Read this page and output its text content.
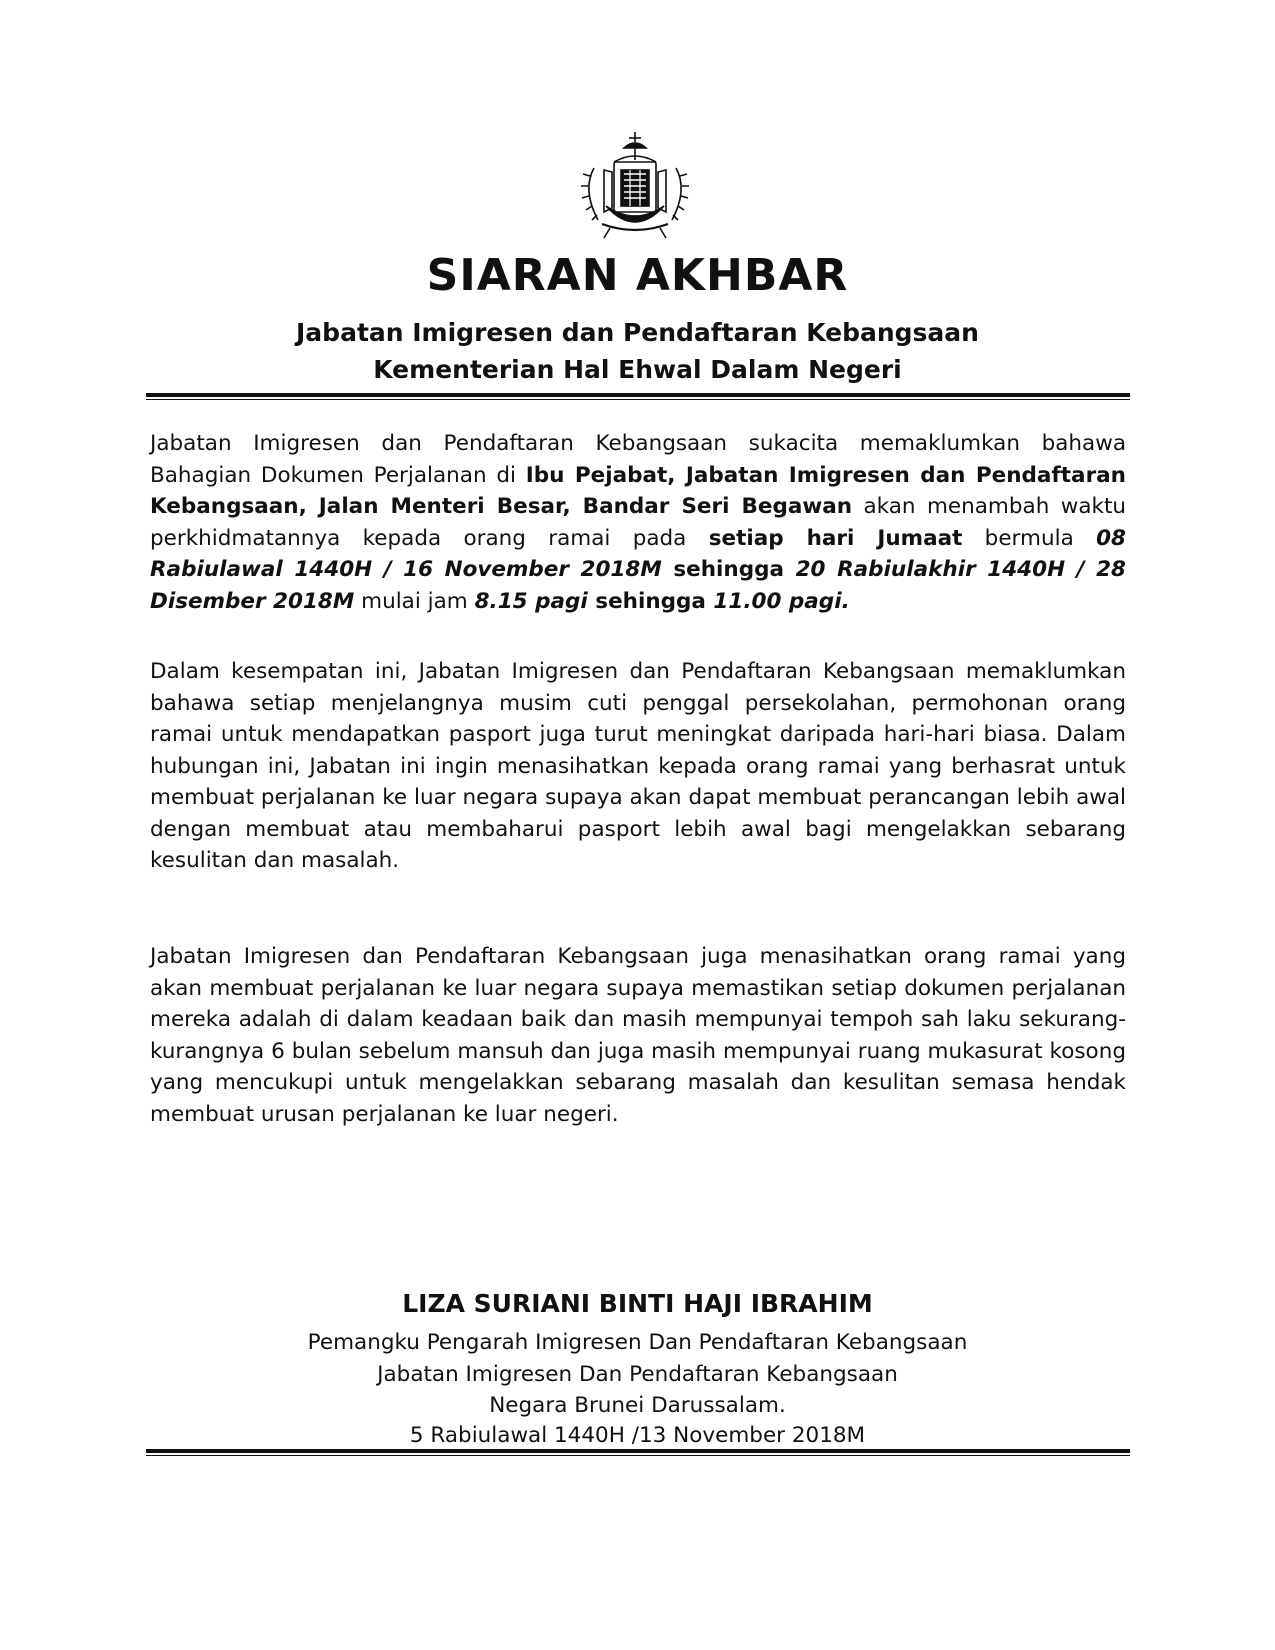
SIARAN AKHBAR
Jabatan Imigresen dan Pendaftaran Kebangsaan
Kementerian Hal Ehwal Dalam Negeri
Jabatan Imigresen dan Pendaftaran Kebangsaan sukacita memaklumkan bahawa Bahagian Dokumen Perjalanan di Ibu Pejabat, Jabatan Imigresen dan Pendaftaran Kebangsaan, Jalan Menteri Besar, Bandar Seri Begawan akan menambah waktu perkhidmatannya kepada orang ramai pada setiap hari Jumaat bermula 08 Rabiulawal 1440H / 16 November 2018M sehingga 20 Rabiulakhir 1440H / 28 Disember 2018M mulai jam 8.15 pagi sehingga 11.00 pagi.
Dalam kesempatan ini, Jabatan Imigresen dan Pendaftaran Kebangsaan memaklumkan bahawa setiap menjelangnya musim cuti penggal persekolahan, permohonan orang ramai untuk mendapatkan pasport juga turut meningkat daripada hari-hari biasa. Dalam hubungan ini, Jabatan ini ingin menasihatkan kepada orang ramai yang berhasrat untuk membuat perjalanan ke luar negara supaya akan dapat membuat perancangan lebih awal dengan membuat atau membaharui pasport lebih awal bagi mengelakkan sebarang kesulitan dan masalah.
Jabatan Imigresen dan Pendaftaran Kebangsaan juga menasihatkan orang ramai yang akan membuat perjalanan ke luar negara supaya memastikan setiap dokumen perjalanan mereka adalah di dalam keadaan baik dan masih mempunyai tempoh sah laku sekurang-kurangnya 6 bulan sebelum mansuh dan juga masih mempunyai ruang mukasurat kosong yang mencukupi untuk mengelakkan sebarang masalah dan kesulitan semasa hendak membuat urusan perjalanan ke luar negeri.
LIZA SURIANI BINTI HAJI IBRAHIM
Pemangku Pengarah Imigresen Dan Pendaftaran Kebangsaan
Jabatan Imigresen Dan Pendaftaran Kebangsaan
Negara Brunei Darussalam.
5 Rabiulawal 1440H /13 November 2018M
